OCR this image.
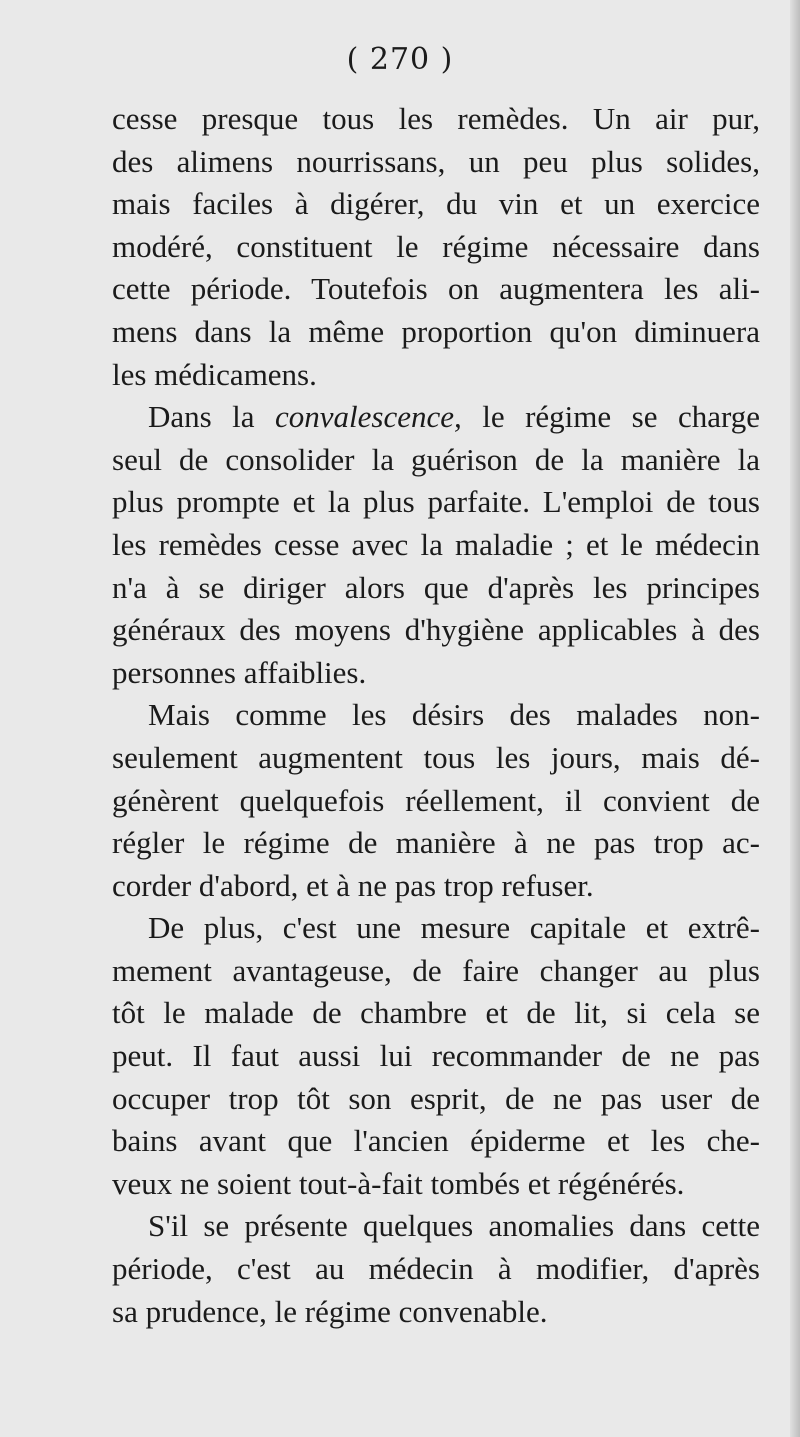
( 270 )

cesse presque tous les remèdes. Un air pur,
des alimens nourrissans, un peu plus solides,
mais faciles à digérer, du vin et un exercice
modéré, constituent le régime nécessaire dans
cette période. Toutefois on augmentera les ali-
mens dans la même proportion qu'on diminuera
les médicamens.

Dans la convalescence, le régime se charge
seul de consolider la guérison de la manière la
plus prompte et la plus parfaite. L'emploi de tous
les remèdes cesse avec la maladie ; et le médecin
n'a à se diriger alors que d'après les principes
généraux des moyens d'hygiène applicables à des
personnes affaiblies.

Mais comme les désirs des malades non-
seulement augmentent tous les jours, mais dé-
génèrent quelquefois réellement, il convient de
régler le régime de manière à ne pas trop ac-
corder d'abord, et à ne pas trop refuser.

De plus, c'est une mesure capitale et extrê-
mement avantageuse, de faire changer au plus
tôt le malade de chambre et de lit, si cela se
peut. Il faut aussi lui recommander de ne pas
occuper trop tôt son esprit, de ne pas user de
bains avant que l'ancien épiderme et les che-
veux ne soient tout-à-fait tombés et régénérés.

S'il se présente quelques anomalies dans cette
période, c'est au médecin à modifier, d'après
sa prudence, le régime convenable.
